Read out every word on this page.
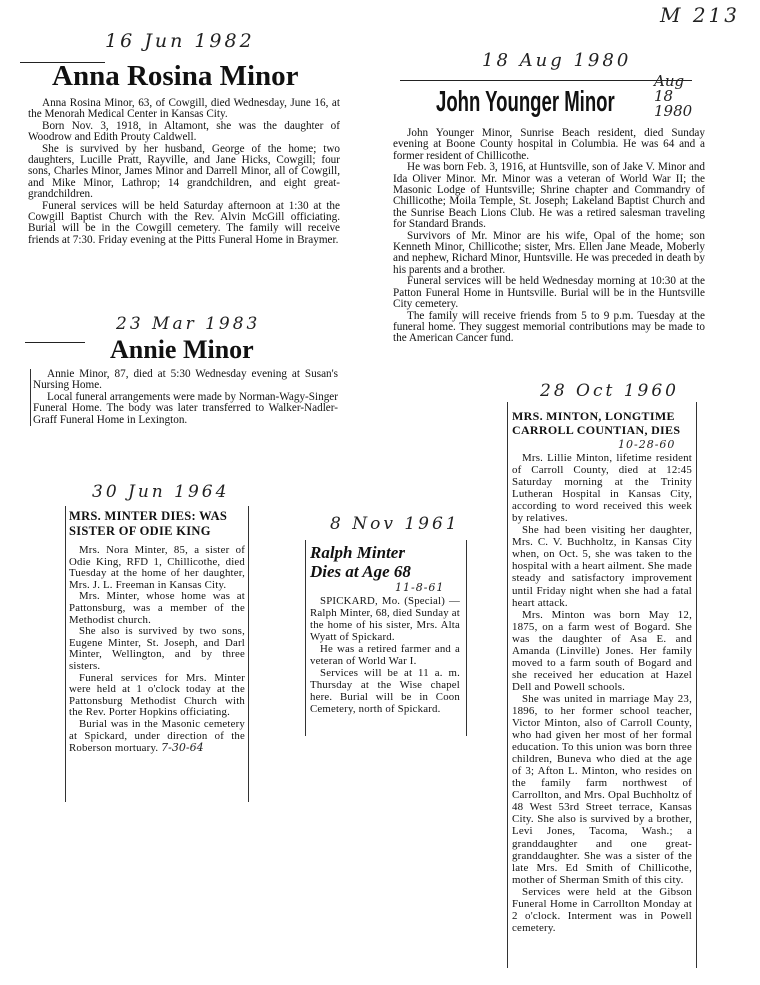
M 213
16 Jun 1982
Anna Rosina Minor

Anna Rosina Minor, 63, of Cowgill, died Wednesday, June 16, at the Menorah Medical Center in Kansas City.

Born Nov. 3, 1918, in Altamont, she was the daughter of Woodrow and Edith Prouty Caldwell.

She is survived by her husband, George of the home; two daughters, Lucille Pratt, Rayville, and Jane Hicks, Cowgill; four sons, Charles Minor, James Minor and Darrell Minor, all of Cowgill, and Mike Minor, Lathrop; 14 grandchildren, and eight great-grandchildren.

Funeral services will be held Saturday afternoon at 1:30 at the Cowgill Baptist Church with the Rev. Alvin McGill officiating. Burial will be in the Cowgill cemetery. The family will receive friends at 7:30. Friday evening at the Pitts Funeral Home in Braymer.

18 Aug 1980
John Younger Minor
Aug 18 1980

John Younger Minor, Sunrise Beach resident, died Sunday evening at Boone County hospital in Columbia. He was 64 and a former resident of Chillicothe.

He was born Feb. 3, 1916, at Huntsville, son of Jake V. Minor and Ida Oliver Minor. Mr. Minor was a veteran of World War II; the Masonic Lodge of Huntsville; Shrine chapter and Commandry of Chillicothe; Moila Temple, St. Joseph; Lakeland Baptist Church and the Sunrise Beach Lions Club. He was a retired salesman traveling for Standard Brands.

Survivors of Mr. Minor are his wife, Opal of the home; son Kenneth Minor, Chillicothe; sister, Mrs. Ellen Jane Meade, Moberly and nephew, Richard Minor, Huntsville. He was preceded in death by his parents and a brother.

Funeral services will be held Wednesday morning at 10:30 at the Patton Funeral Home in Huntsville. Burial will be in the Huntsville City cemetery.

The family will receive friends from 5 to 9 p.m. Tuesday at the funeral home. They suggest memorial contributions may be made to the American Cancer fund.

23 Mar 1983
Annie Minor

Annie Minor, 87, died at 5:30 Wednesday evening at Susan's Nursing Home.

Local funeral arrangements were made by Norman-Wagy-Singer Funeral Home. The body was later transferred to Walker-Nadler-Graff Funeral Home in Lexington.

30 Jun 1964
MRS. MINTER DIES: WAS SISTER OF ODIE KING

Mrs. Nora Minter, 85, a sister of Odie King, RFD 1, Chillicothe, died Tuesday at the home of her daughter, Mrs. J. L. Freeman in Kansas City.

Mrs. Minter, whose home was at Pattonsburg, was a member of the Methodist church.

She also is survived by two sons, Eugene Minter, St. Joseph, and Darl Minter, Wellington, and by three sisters.

Funeral services for Mrs. Minter were held at 1 o'clock today at the Pattonsburg Methodist Church with the Rev. Porter Hopkins officiating.

Burial was in the Masonic cemetery at Spickard, under direction of the Roberson mortuary. 7-30-64

8 Nov 1961
Ralph Minter
Dies at Age 68
11-8-61

SPICKARD, Mo. (Special) — Ralph Minter, 68, died Sunday at the home of his sister, Mrs. Alta Wyatt of Spickard.

He was a retired farmer and a veteran of World War I.

Services will be at 11 a. m. Thursday at the Wise chapel here. Burial will be in Coon Cemetery, north of Spickard.

28 Oct 1960
MRS. MINTON, LONGTIME CARROLL COUNTIAN, DIES
10-28-60

Mrs. Lillie Minton, lifetime resident of Carroll County, died at 12:45 Saturday morning at the Trinity Lutheran Hospital in Kansas City, according to word received this week by relatives.

She had been visiting her daughter, Mrs. C. V. Buchholtz, in Kansas City when, on Oct. 5, she was taken to the hospital with a heart ailment. She made steady and satisfactory improvement until Friday night when she had a fatal heart attack.

Mrs. Minton was born May 12, 1875, on a farm west of Bogard. She was the daughter of Asa E. and Amanda (Linville) Jones. Her family moved to a farm south of Bogard and she received her education at Hazel Dell and Powell schools.

She was united in marriage May 23, 1896, to her former school teacher, Victor Minton, also of Carroll County, who had given her most of her formal education. To this union was born three children, Buneva who died at the age of 3; Afton L. Minton, who resides on the family farm northwest of Carrollton, and Mrs. Opal Buchholtz of 48 West 53rd Street terrace, Kansas City. She also is survived by a brother, Levi Jones, Tacoma, Wash.; a granddaughter and one great-granddaughter. She was a sister of the late Mrs. Ed Smith of Chillicothe, mother of Sherman Smith of this city.

Services were held at the Gibson Funeral Home in Carrollton Monday at 2 o'clock. Interment was in Powell cemetery.
